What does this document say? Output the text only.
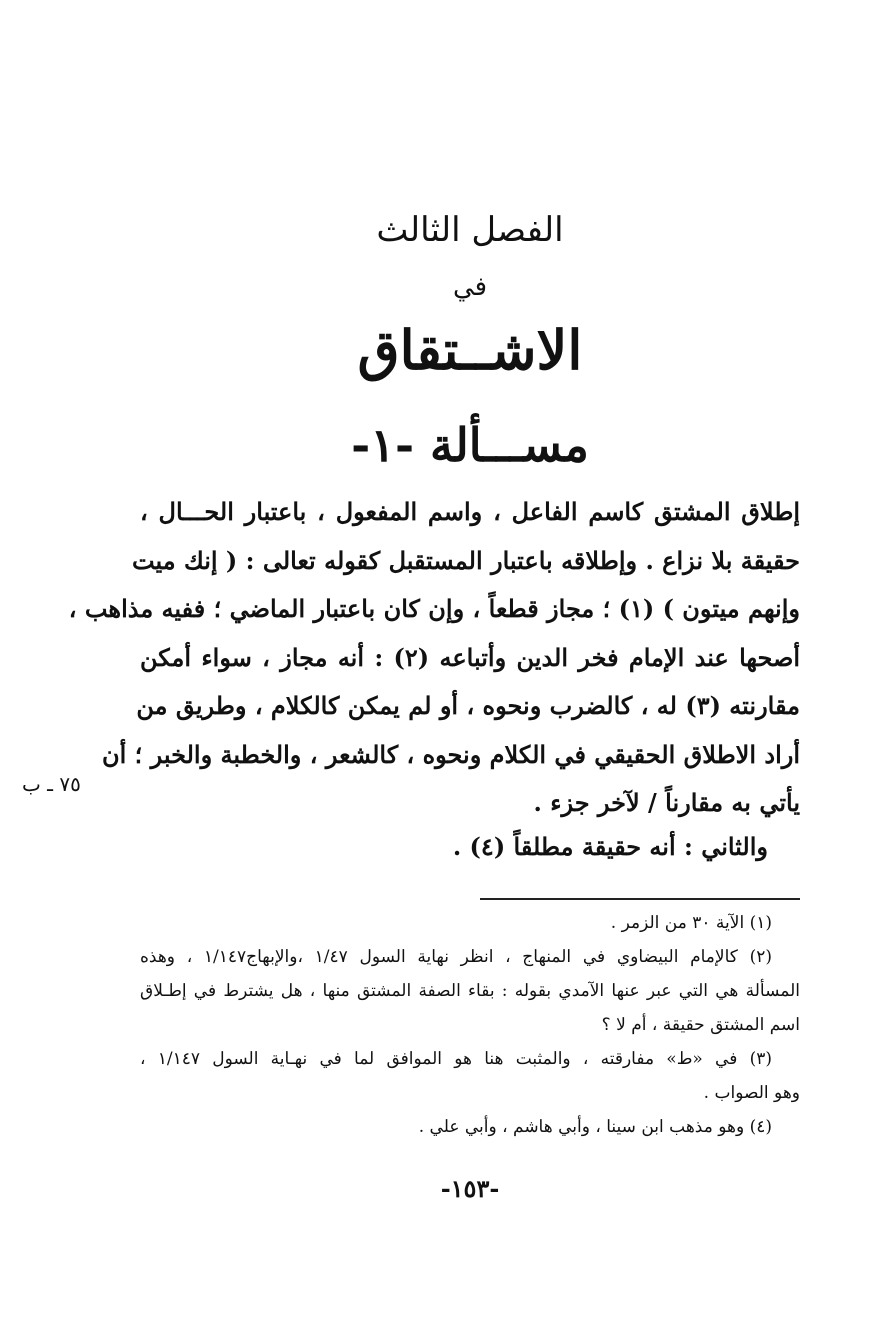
الفصل الثالث
في
الاشــتقاق
مســـألة -١-
إطلاق المشتق كاسم الفاعل ، واسم المفعول ، باعتبار الحـــال ،
حقيقة بلا نزاع . وإطلاقه باعتبار المستقبل كقوله تعالى : ( إنك ميت
وإنهم ميتون ) (١) ؛ مجاز قطعاً ، وإن كان باعتبار الماضي ؛ ففيه مذاهب ،
أصحها عند الإمام فخر الدين وأتباعه (٢) : أنه مجاز ، سواء أمكن
مقارنته (٣) له ، كالضرب ونحوه ، أو لم يمكن كالكلام ، وطريق من
أراد الاطلاق الحقيقي في الكلام ونحوه ، كالشعر ، والخطبة والخبر ؛ أن
يأتي به مقارناً / لآخر جزء .
والثاني : أنه حقيقة مطلقاً (٤) .
٧٥ ـ ب
(١) الآية ٣٠ من الزمر .
(٢) كالإمام البيضاوي في المنهاج ، انظر نهاية السول ١/٤٧ ،والإبهاج١/١٤٧ ، وهذه
المسألة هي التي عبر عنها الآمدي بقوله : بقاء الصفة المشتق منها ، هل يشترط في إطـلاق
اسم المشتق حقيقة ، أم لا ؟
(٣) في «ط» مفارقته ، والمثبت هنا هو الموافق لما في نهـاية السول ١/١٤٧ ،
وهو الصواب .
(٤) وهو مذهب ابن سينا ، وأبي هاشم ، وأبي علي .
-١٥٣-
